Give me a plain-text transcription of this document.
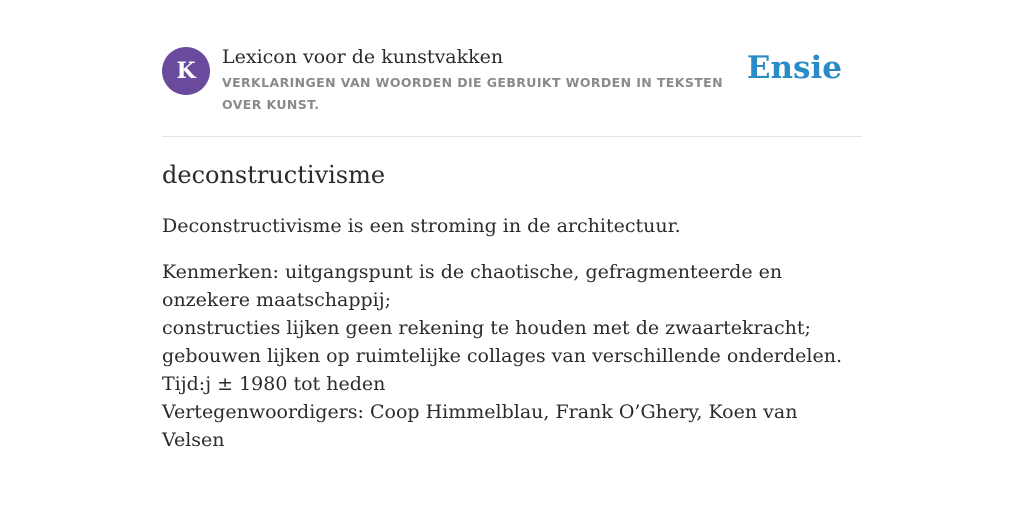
K
Lexicon voor de kunstvakken
VERKLARINGEN VAN WOORDEN DIE GEBRUIKT WORDEN IN TEKSTEN OVER KUNST.
Ensie
deconstructivisme

Deconstructivisme is een stroming in de architectuur.

Kenmerken: uitgangspunt is de chaotische, gefragmenteerde en onzekere maatschappij;
constructies lijken geen rekening te houden met de zwaartekracht; gebouwen lijken op ruimtelijke collages van verschillende onderdelen.
Tijd:j ± 1980 tot heden
Vertegenwoordigers: Coop Himmelblau, Frank O’Ghery, Koen van Velsen
